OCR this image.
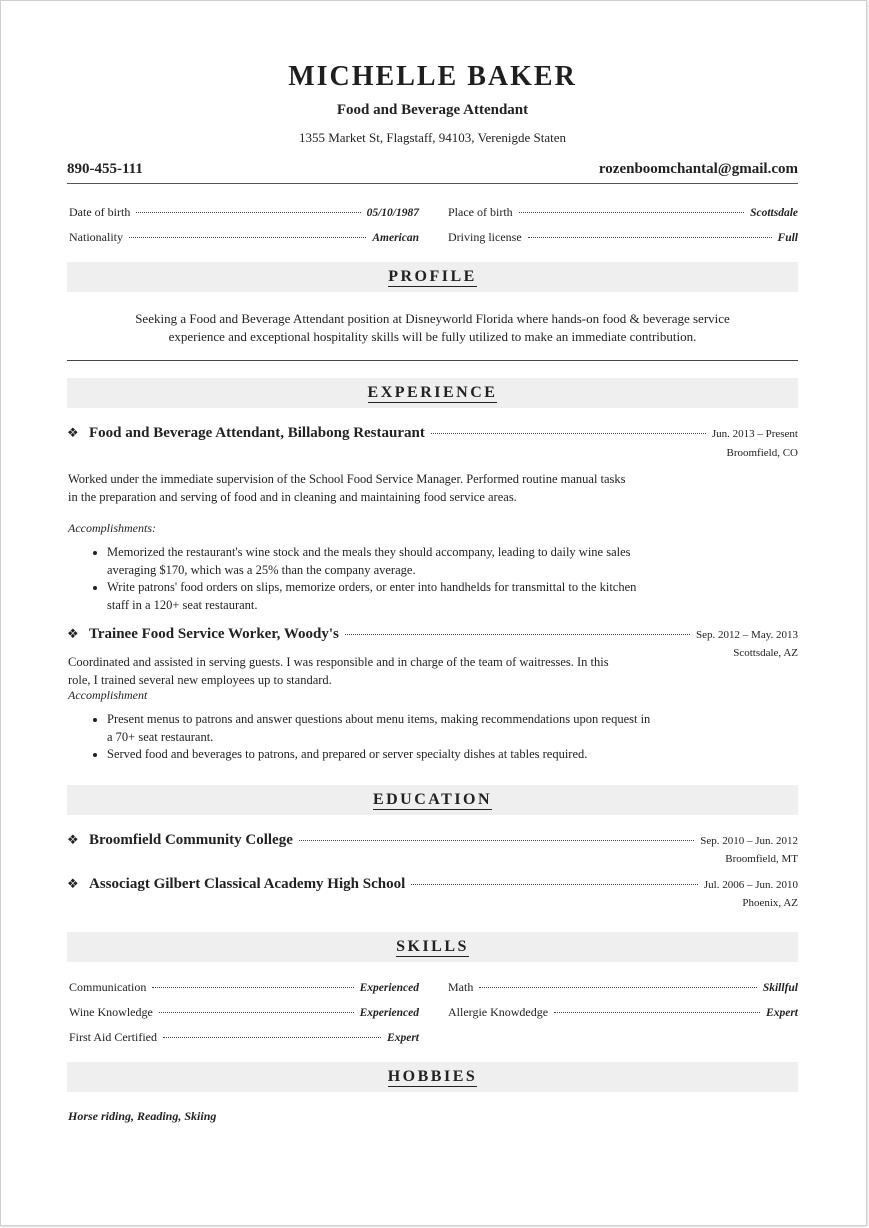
MICHELLE BAKER
Food and Beverage Attendant
1355 Market St, Flagstaff, 94103, Verenigde Staten
890-455-111	rozenboomchantal@gmail.com
Date of birth	05/10/1987 Place of birth	Scottsdale
Nationality	American Driving license	Full
PROFILE
Seeking a Food and Beverage Attendant position at Disneyworld Florida where hands-on food & beverage service
experience and exceptional hospitality skills will be fully utilized to make an immediate contribution.
EXPERIENCE
❖ Food and Beverage Attendant, Billabong Restaurant	Jun. 2013 – Present
Broomfield, CO
Worked under the immediate supervision of the School Food Service Manager. Performed routine manual tasks in the preparation and serving of food and in cleaning and maintaining food service areas.
Accomplishments:
• Memorized the restaurant's wine stock and the meals they should accompany, leading to daily wine sales averaging $170, which was a 25% than the company average.
• Write patrons' food orders on slips, memorize orders, or enter into handhelds for transmittal to the kitchen staff in a 120+ seat restaurant.
❖ Trainee Food Service Worker, Woody's	Sep. 2012 – May. 2013
Scottsdale, AZ
Coordinated and assisted in serving guests. I was responsible and in charge of the team of waitresses. In this role, I trained several new employees up to standard.
Accomplishment
• Present menus to patrons and answer questions about menu items, making recommendations upon request in a 70+ seat restaurant.
• Served food and beverages to patrons, and prepared or server specialty dishes at tables required.
EDUCATION
❖ Broomfield Community College	Sep. 2010 – Jun. 2012
Broomfield, MT
❖ Associagt Gilbert Classical Academy High School	Jul. 2006 – Jun. 2010
Phoenix, AZ
SKILLS
Communication	Experienced Math	Skillful
Wine Knowledge	Experienced Allergie Knowdedge	Expert
First Aid Certified	Expert
HOBBIES
Horse riding, Reading, Skiing
